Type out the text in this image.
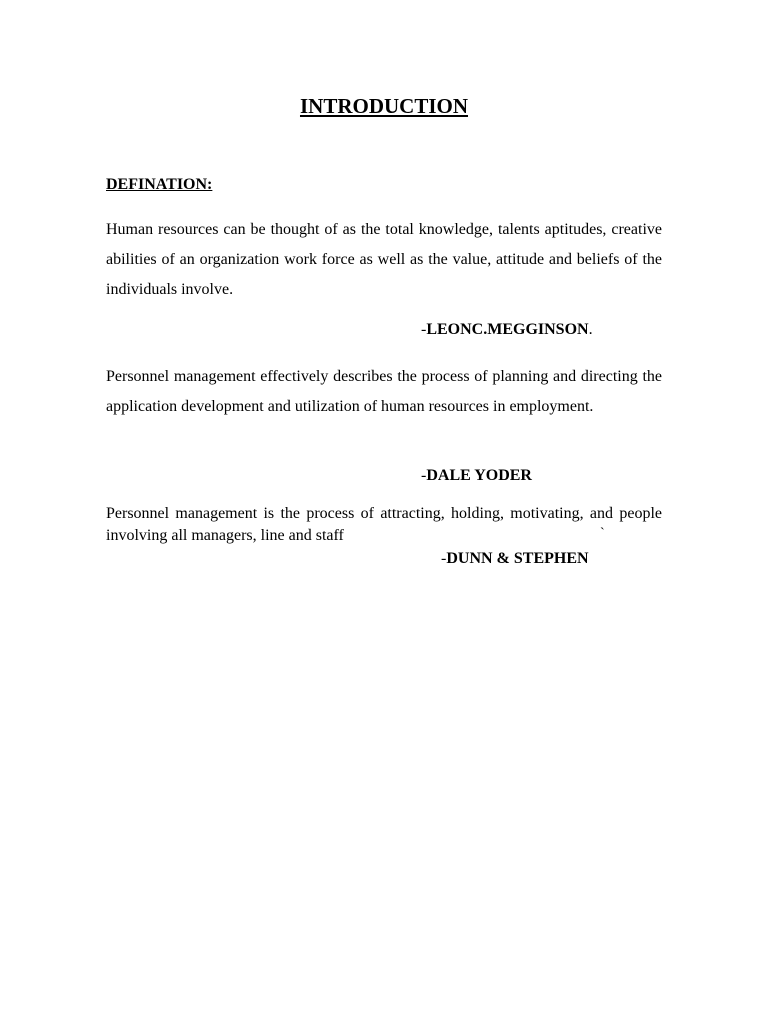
INTRODUCTION
DEFINATION:

Human resources can be thought of as the total knowledge, talents aptitudes, creative abilities of an organization work force as well as the value, attitude and beliefs of the individuals involve.

-LEONC.MEGGINSON.

Personnel management effectively describes the process of planning and directing the application development and utilization of human resources in employment.

-DALE YODER

Personnel management is the process of attracting, holding, motivating, and people involving all managers, line and staff	`

-DUNN & STEPHEN
